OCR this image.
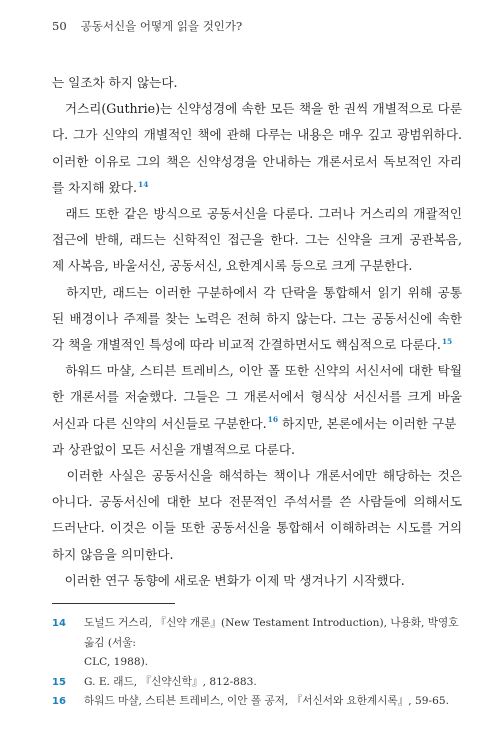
50 공동서신을 어떻게 읽을 것인가?
는 일조차 하지 않는다.
　거스리(Guthrie)는 신약성경에 속한 모든 책을 한 권씩 개별적으로 다룬
다. 그가 신약의 개별적인 책에 관해 다루는 내용은 매우 깊고 광범위하다.
이러한 이유로 그의 책은 신약성경을 안내하는 개론서로서 독보적인 자리
를 차지해 왔다.$^{14}$
　래드 또한 같은 방식으로 공동서신을 다룬다. 그러나 거스리의 개괄적인
접근에 반해, 래드는 신학적인 접근을 한다. 그는 신약을 크게 공관복음,
제 사복음, 바울서신, 공동서신, 요한계시록 등으로 크게 구분한다.
　하지만, 래드는 이러한 구분하에서 각 단락을 통합해서 읽기 위해 공통
된 배경이나 주제를 찾는 노력은 전혀 하지 않는다. 그는 공동서신에 속한
각 책을 개별적인 특성에 따라 비교적 간결하면서도 핵심적으로 다룬다.$^{15}$
　하워드 마샬, 스티븐 트레비스, 이안 폴 또한 신약의 서신서에 대한 탁월
한 개론서를 저술했다. 그들은 그 개론서에서 형식상 서신서를 크게 바울
서신과 다른 신약의 서신들로 구분한다.$^{16}$ 하지만, 본론에서는 이러한 구분
과 상관없이 모든 서신을 개별적으로 다룬다.
　이러한 사실은 공동서신을 해석하는 책이나 개론서에만 해당하는 것은
아니다. 공동서신에 대한 보다 전문적인 주석서를 쓴 사람들에 의해서도
드러난다. 이것은 이들 또한 공동서신을 통합해서 이해하려는 시도를 거의
하지 않음을 의미한다.
　이러한 연구 동향에 새로운 변화가 이제 막 생겨나기 시작했다.
14	도널드 거스리, 『신약 개론』(New Testament Introduction), 나용화, 박영호 옮김 (서울:
CLC, 1988).
15	G. E. 래드, 『신약신학』, 812-883.
16	하워드 마샬, 스티븐 트레비스, 이안 폴 공저, 『서신서와 요한계시록』, 59-65.
